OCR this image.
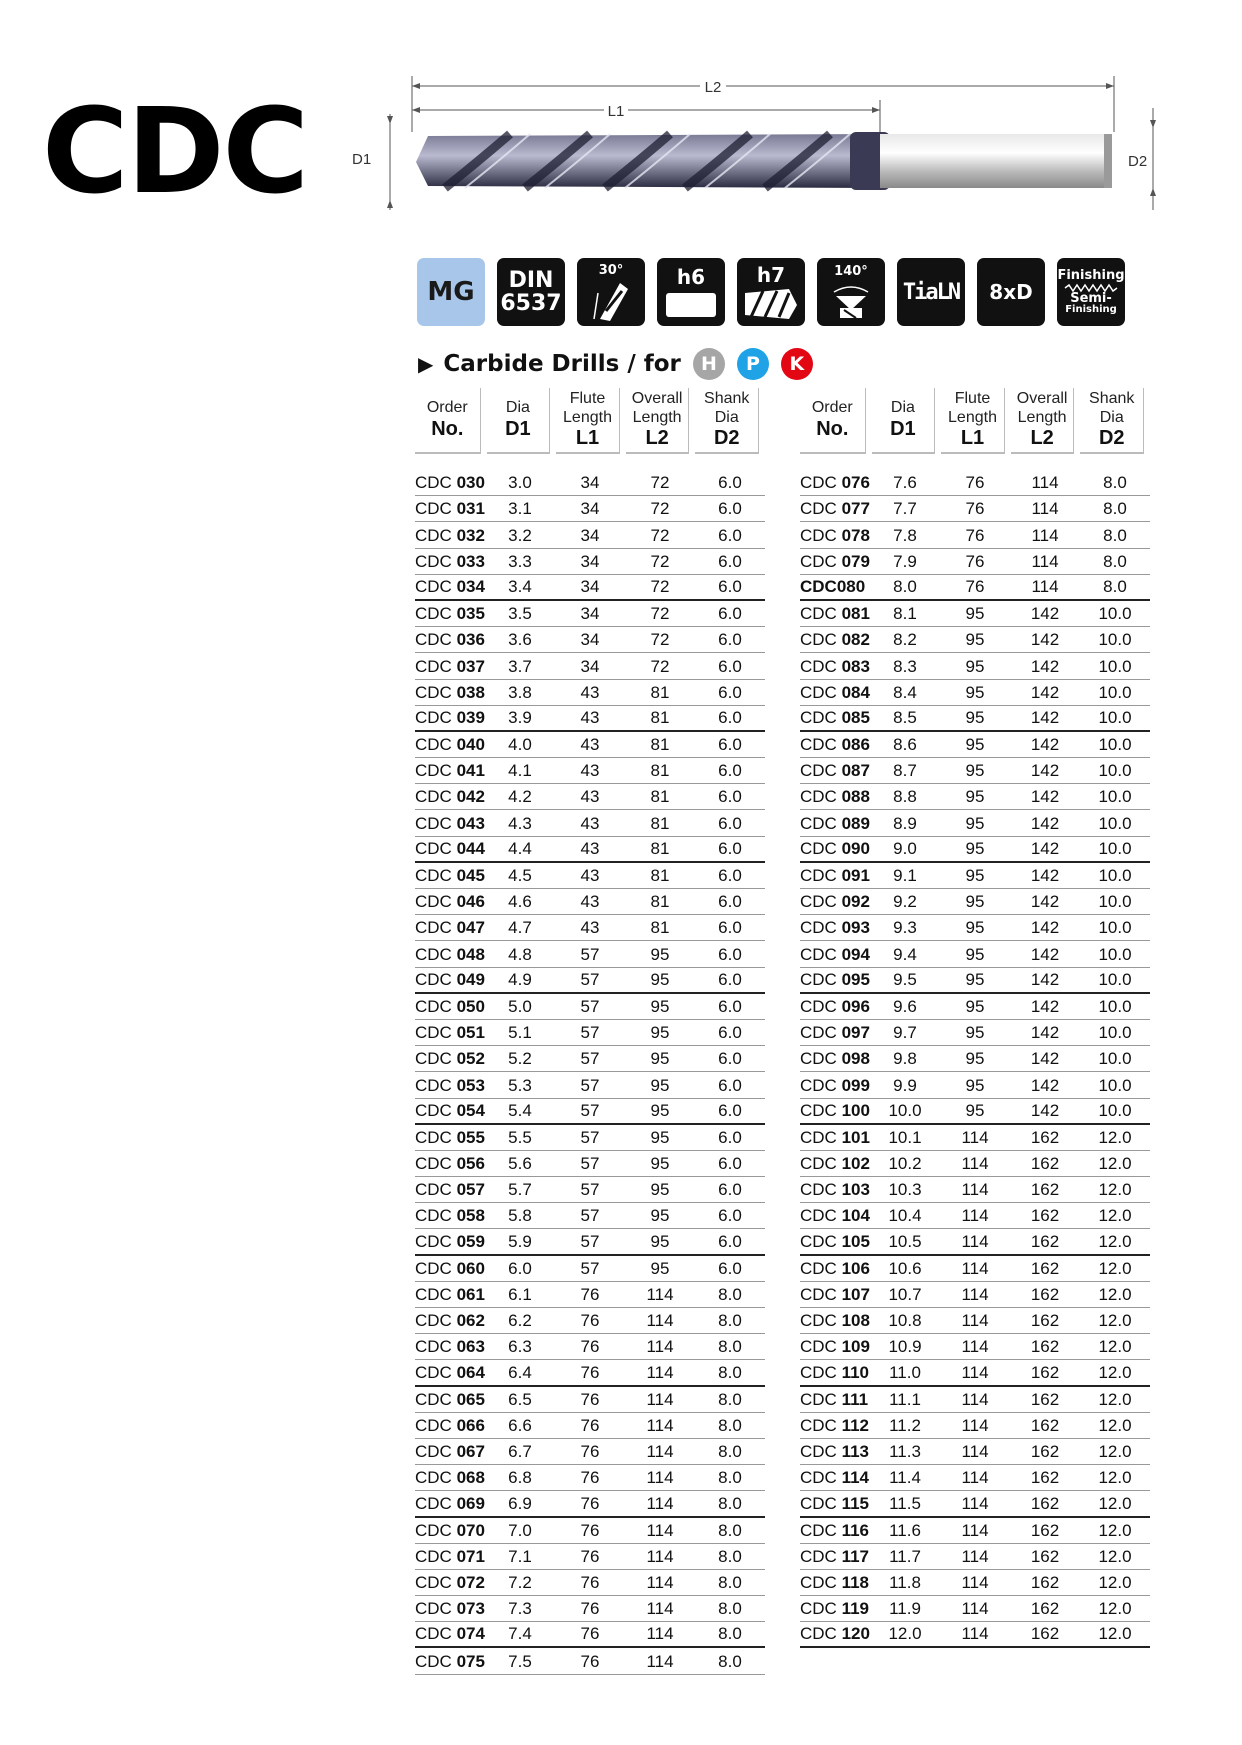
CDC	L2
L1
D1	D2
MG DIN
6537
30°	h6	h7	140°
TiaLN 8xD
Finishing
Semi-
Finishing
▶ Carbide Drills / for	H	P	K
Order
No.
Dia
D1
Flute
Length
L1
Overall
Length
L2
Shank
Dia
D2
CDC 030	3.0	34	72	6.0
CDC 031	3.1	34	72	6.0
CDC 032	3.2	34	72	6.0
CDC 033	3.3	34	72	6.0
CDC 034	3.4	34	72	6.0
CDC 035	3.5	34	72	6.0
CDC 036	3.6	34	72	6.0
CDC 037	3.7	34	72	6.0
CDC 038	3.8	43	81	6.0
CDC 039	3.9	43	81	6.0
CDC 040	4.0	43	81	6.0
CDC 041	4.1	43	81	6.0
CDC 042	4.2	43	81	6.0
CDC 043	4.3	43	81	6.0
CDC 044	4.4	43	81	6.0
CDC 045	4.5	43	81	6.0
CDC 046	4.6	43	81	6.0
CDC 047	4.7	43	81	6.0
CDC 048	4.8	57	95	6.0
CDC 049	4.9	57	95	6.0
CDC 050	5.0	57	95	6.0
CDC 051	5.1	57	95	6.0
CDC 052	5.2	57	95	6.0
CDC 053	5.3	57	95	6.0
CDC 054	5.4	57	95	6.0
CDC 055	5.5	57	95	6.0
CDC 056	5.6	57	95	6.0
CDC 057	5.7	57	95	6.0
CDC 058	5.8	57	95	6.0
CDC 059	5.9	57	95	6.0
CDC 060	6.0	57	95	6.0
CDC 061	6.1	76	114	8.0
CDC 062	6.2	76	114	8.0
CDC 063	6.3	76	114	8.0
CDC 064	6.4	76	114	8.0
CDC 065	6.5	76	114	8.0
CDC 066	6.6	76	114	8.0
CDC 067	6.7	76	114	8.0
CDC 068	6.8	76	114	8.0
CDC 069	6.9	76	114	8.0
CDC 070	7.0	76	114	8.0
CDC 071	7.1	76	114	8.0
CDC 072	7.2	76	114	8.0
CDC 073	7.3	76	114	8.0
CDC 074	7.4	76	114	8.0
CDC 075	7.5	76	114	8.0
Order
No.
Dia
D1
Flute
Length
L1
Overall
Length
L2
Shank
Dia
D2
CDC 076	7.6	76	114	8.0
CDC 077	7.7	76	114	8.0
CDC 078	7.8	76	114	8.0
CDC 079	7.9	76	114	8.0
CDC080	8.0	76	114	8.0
CDC 081	8.1	95	142	10.0
CDC 082	8.2	95	142	10.0
CDC 083	8.3	95	142	10.0
CDC 084	8.4	95	142	10.0
CDC 085	8.5	95	142	10.0
CDC 086	8.6	95	142	10.0
CDC 087	8.7	95	142	10.0
CDC 088	8.8	95	142	10.0
CDC 089	8.9	95	142	10.0
CDC 090	9.0	95	142	10.0
CDC 091	9.1	95	142	10.0
CDC 092	9.2	95	142	10.0
CDC 093	9.3	95	142	10.0
CDC 094	9.4	95	142	10.0
CDC 095	9.5	95	142	10.0
CDC 096	9.6	95	142	10.0
CDC 097	9.7	95	142	10.0
CDC 098	9.8	95	142	10.0
CDC 099	9.9	95	142	10.0
CDC 100	10.0	95	142	10.0
CDC 101	10.1	114	162	12.0
CDC 102	10.2	114	162	12.0
CDC 103	10.3	114	162	12.0
CDC 104	10.4	114	162	12.0
CDC 105	10.5	114	162	12.0
CDC 106	10.6	114	162	12.0
CDC 107	10.7	114	162	12.0
CDC 108	10.8	114	162	12.0
CDC 109	10.9	114	162	12.0
CDC 110	11.0	114	162	12.0
CDC 111	11.1	114	162	12.0
CDC 112	11.2	114	162	12.0
CDC 113	11.3	114	162	12.0
CDC 114	11.4	114	162	12.0
CDC 115	11.5	114	162	12.0
CDC 116	11.6	114	162	12.0
CDC 117	11.7	114	162	12.0
CDC 118	11.8	114	162	12.0
CDC 119	11.9	114	162	12.0
CDC 120	12.0	114	162	12.0
